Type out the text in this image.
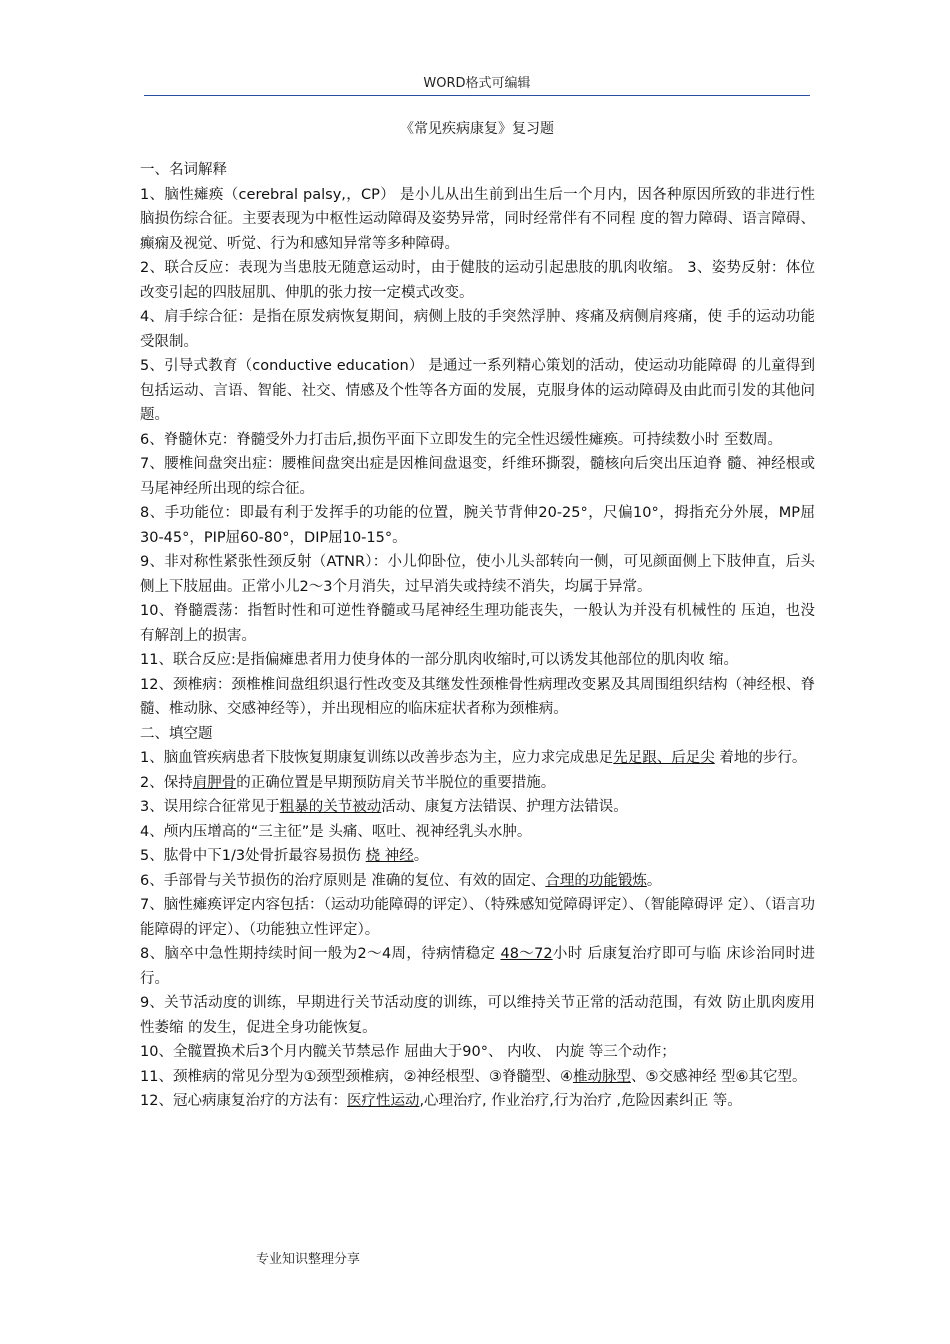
WORD格式可编辑
《常见疾病康复》复习题

一、名词解释

1、脑性瘫痪（cerebral palsy,，CP） 是小儿从出生前到出生后一个月内，因各种原因所致的非进行性脑损伤综合征。主要表现为中枢性运动障碍及姿势异常，同时经常伴有不同程 度的智力障碍、语言障碍、癫痫及视觉、听觉、行为和感知异常等多种障碍。

2、联合反应：表现为当患肢无随意运动时，由于健肢的运动引起患肢的肌肉收缩。 3、姿势反射：体位改变引起的四肢屈肌、伸肌的张力按一定模式改变。

4、肩手综合征：是指在原发病恢复期间，病侧上肢的手突然浮肿、疼痛及病侧肩疼痛，使 手的运动功能受限制。

5、引导式教育（conductive education） 是通过一系列精心策划的活动，使运动功能障碍 的儿童得到包括运动、言语、智能、社交、情感及个性等各方面的发展，克服身体的运动障碍及由此而引发的其他问题。

6、脊髓休克：脊髓受外力打击后,损伤平面下立即发生的完全性迟缓性瘫痪。可持续数小时 至数周。

7、腰椎间盘突出症：腰椎间盘突出症是因椎间盘退变，纤维环撕裂，髓核向后突出压迫脊 髓、神经根或马尾神经所出现的综合征。

8、手功能位：即最有利于发挥手的功能的位置，腕关节背伸20-25°，尺偏10°，拇指充分外展，MP屈30-45°，PIP屈60-80°，DIP屈10-15°。

9、非对称性紧张性颈反射（ATNR）：小儿仰卧位，使小儿头部转向一侧，可见颜面侧上下肢伸直，后头侧上下肢屈曲。正常小儿2～3个月消失，过早消失或持续不消失，均属于异常。

10、脊髓震荡：指暂时性和可逆性脊髓或马尾神经生理功能丧失，一般认为并没有机械性的 压迫，也没有解剖上的损害。

11、联合反应:是指偏瘫患者用力使身体的一部分肌肉收缩时,可以诱发其他部位的肌肉收 缩。

12、颈椎病：颈椎椎间盘组织退行性改变及其继发性颈椎骨性病理改变累及其周围组织结构（神经根、脊髓、椎动脉、交感神经等），并出现相应的临床症状者称为颈椎病。

二、填空题

1、脑血管疾病患者下肢恢复期康复训练以改善步态为主，应力求完成患足先足跟、后足尖 着地的步行。

2、保持肩胛骨的正确位置是早期预防肩关节半脱位的重要措施。

3、误用综合征常见于粗暴的关节被动活动、康复方法错误、护理方法错误。

4、颅内压增高的“三主征”是 头痛、呕吐、视神经乳头水肿。

5、肱骨中下1/3处骨折最容易损伤 桡 神经。

6、手部骨与关节损伤的治疗原则是 准确的复位、有效的固定、合理的功能锻炼。

7、脑性瘫痪评定内容包括：（运动功能障碍的评定）、（特殊感知觉障碍评定）、（智能障碍评 定）、（语言功能障碍的评定）、（功能独立性评定）。

8、脑卒中急性期持续时间一般为2～4周，待病情稳定 48～72小时 后康复治疗即可与临 床诊治同时进行。

9、关节活动度的训练，早期进行关节活动度的训练，可以维持关节正常的活动范围，有效 防止肌肉废用性萎缩 的发生，促进全身功能恢复。

10、全髋置换术后3个月内髋关节禁忌作 屈曲大于90°、 内收、 内旋 等三个动作；

11、颈椎病的常见分型为①颈型颈椎病，②神经根型、③脊髓型、④椎动脉型、⑤交感神经 型⑥其它型。

12、冠心病康复治疗的方法有：医疗性运动,心理治疗, 作业治疗,行为治疗 ,危险因素纠正 等。

专业知识整理分享
